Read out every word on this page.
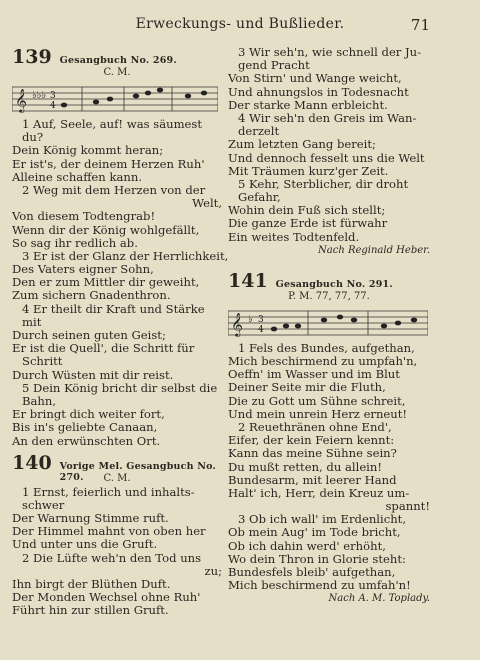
Erweckungs- und Bußlieder.	71
139 Gesangbuch No. 269.
C. M.
𝄞 ♭♭♭ 3
4
1 Auf, Seele, auf! was säumest
du?
Dein König kommt heran;
Er ist's, der deinem Herzen Ruh'
Alleine schaffen kann.
2 Weg mit dem Herzen von der
Welt,
Von diesem Todtengrab!
Wenn dir der König wohlgefällt,
So sag ihr redlich ab.
3 Er ist der Glanz der Herrlichkeit,
Des Vaters eigner Sohn,
Den er zum Mittler dir geweiht,
Zum sichern Gnadenthron.
4 Er theilt dir Kraft und Stärke
mit
Durch seinen guten Geist;
Er ist die Quell', die Schritt für
Schritt
Durch Wüsten mit dir reist.
5 Dein König bricht dir selbst die
Bahn,
Er bringt dich weiter fort,
Bis in's geliebte Canaan,
An den erwünschten Ort.
140 Vorige Mel. Gesangbuch No. 270.	C. M.
1 Ernst, feierlich und inhalts-
schwer
Der Warnung Stimme ruft.
Der Himmel mahnt von oben her
Und unter uns die Gruft.
2 Die Lüfte weh'n den Tod uns
zu;
Ihn birgt der Blüthen Duft.
Der Monden Wechsel ohne Ruh'
Führt hin zur stillen Gruft.
3 Wir seh'n, wie schnell der Ju-
gend Pracht
Von Stirn' und Wange weicht,
Und ahnungslos in Todesnacht
Der starke Mann erbleicht.
4 Wir seh'n den Greis im Wan-
derzelt
Zum letzten Gang bereit;
Und dennoch fesselt uns die Welt
Mit Träumen kurz'ger Zeit.
5 Kehr, Sterblicher, dir droht
Gefahr,
Wohin dein Fuß sich stellt;
Die ganze Erde ist fürwahr
Ein weites Todtenfeld.
Nach Reginald Heber.
141 Gesangbuch No. 291.
P. M. 77, 77, 77.
𝄞 ♭ 3
4
1 Fels des Bundes, aufgethan,
Mich beschirmend zu umpfah'n,
Oeffn' im Wasser und im Blut
Deiner Seite mir die Fluth,
Die zu Gott um Sühne schreit,
Und mein unrein Herz erneut!
2 Reuethränen ohne End',
Eifer, der kein Feiern kennt:
Kann das meine Sühne sein?
Du mußt retten, du allein!
Bundesarm, mit leerer Hand
Halt' ich, Herr, dein Kreuz um-
spannt!
3 Ob ich wall' im Erdenlicht,
Ob mein Aug' im Tode bricht,
Ob ich dahin werd' erhöht,
Wo dein Thron in Glorie steht:
Bundesfels bleib' aufgethan,
Mich beschirmend zu umfah'n!
Nach A. M. Toplady.
